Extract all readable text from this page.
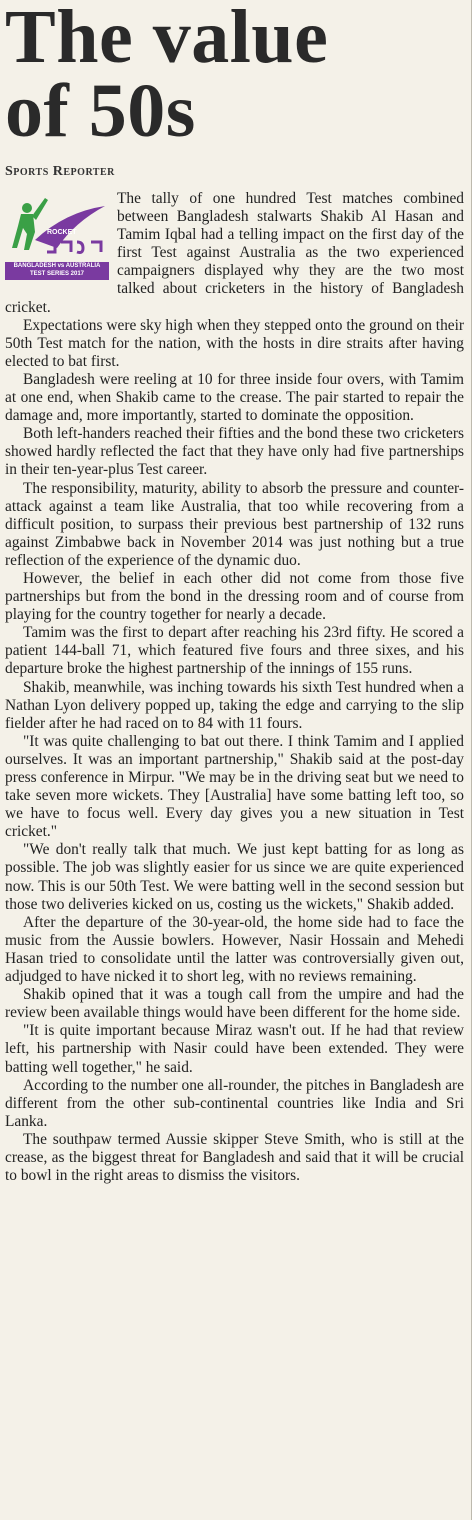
The value
of 50s
Sports Reporter
ROCKET
BANGLADESH vs AUSTRALIA
TEST SERIES 2017

The tally of one hundred Test matches combined between Bangladesh stalwarts Shakib Al Hasan and Tamim Iqbal had a telling impact on the first day of the first Test against Australia as the two experienced campaigners displayed why they are the two most talked about cricketers in the history of Bangladesh cricket.

Expectations were sky high when they stepped onto the ground on their 50th Test match for the nation, with the hosts in dire straits after having elected to bat first.

Bangladesh were reeling at 10 for three inside four overs, with Tamim at one end, when Shakib came to the crease. The pair started to repair the damage and, more importantly, started to dominate the opposition.

Both left-handers reached their fifties and the bond these two cricketers showed hardly reflected the fact that they have only had five partnerships in their ten-year-plus Test career.

The responsibility, maturity, ability to absorb the pressure and counter-attack against a team like Australia, that too while recovering from a difficult position, to surpass their previous best partnership of 132 runs against Zimbabwe back in November 2014 was just nothing but a true reflection of the experience of the dynamic duo.

However, the belief in each other did not come from those five partnerships but from the bond in the dressing room and of course from playing for the country together for nearly a decade.

Tamim was the first to depart after reaching his 23rd fifty. He scored a patient 144-ball 71, which featured five fours and three sixes, and his departure broke the highest partnership of the innings of 155 runs.

Shakib, meanwhile, was inching towards his sixth Test hundred when a Nathan Lyon delivery popped up, taking the edge and carrying to the slip fielder after he had raced on to 84 with 11 fours.

"It was quite challenging to bat out there. I think Tamim and I applied ourselves. It was an important partnership," Shakib said at the post-day press conference in Mirpur. "We may be in the driving seat but we need to take seven more wickets. They [Australia] have some batting left too, so we have to focus well. Every day gives you a new situation in Test cricket."

"We don't really talk that much. We just kept batting for as long as possible. The job was slightly easier for us since we are quite experienced now. This is our 50th Test. We were batting well in the second session but those two deliveries kicked on us, costing us the wickets," Shakib added.

After the departure of the 30-year-old, the home side had to face the music from the Aussie bowlers. However, Nasir Hossain and Mehedi Hasan tried to consolidate until the latter was controversially given out, adjudged to have nicked it to short leg, with no reviews remaining.

Shakib opined that it was a tough call from the umpire and had the review been available things would have been different for the home side.

"It is quite important because Miraz wasn't out. If he had that review left, his partnership with Nasir could have been extended. They were batting well together," he said.

According to the number one all-rounder, the pitches in Bangladesh are different from the other sub-continental countries like India and Sri Lanka.

The southpaw termed Aussie skipper Steve Smith, who is still at the crease, as the biggest threat for Bangladesh and said that it will be crucial to bowl in the right areas to dismiss the visitors.
